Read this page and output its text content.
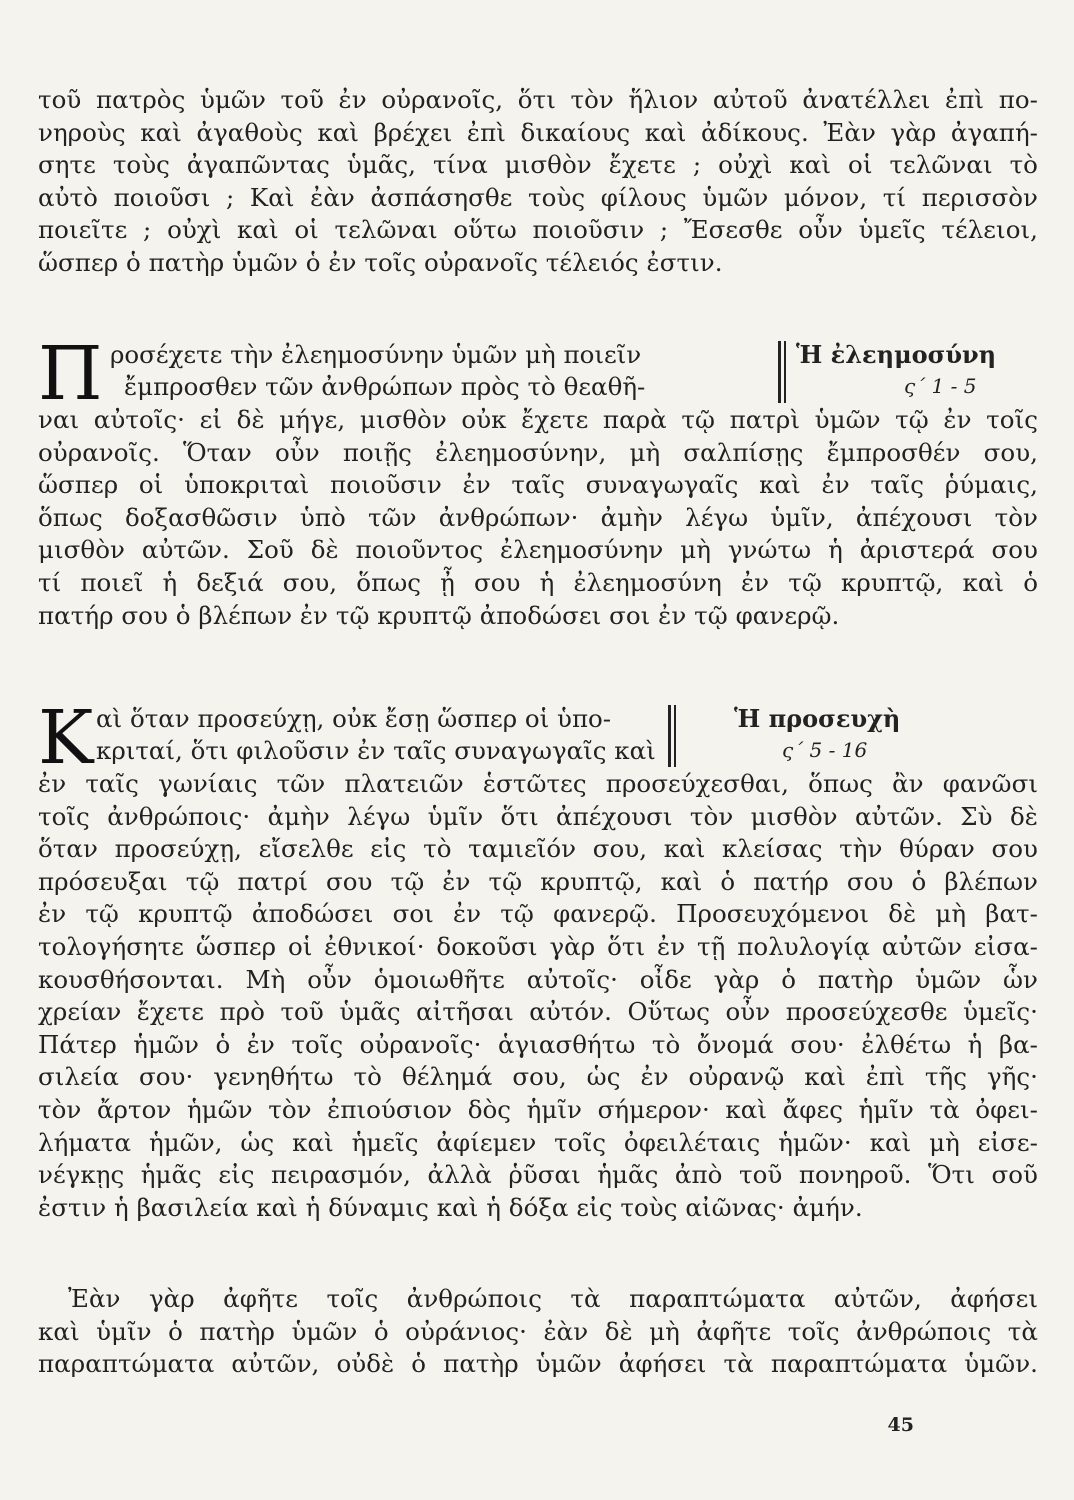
τοῦ πατρὸς ὑμῶν τοῦ ἐν οὐρανοῖς, ὅτι τὸν ἥλιον αὐτοῦ ἀνατέλλει ἐπὶ πο-
νηροὺς καὶ ἀγαθοὺς καὶ βρέχει ἐπὶ δικαίους καὶ ἀδίκους. Ἐὰν γὰρ ἀγαπή-
σητε τοὺς ἀγαπῶντας ὑμᾶς, τίνα μισθὸν ἔχετε ; οὐχὶ καὶ οἱ τελῶναι τὸ
αὐτὸ ποιοῦσι ; Καὶ ἐὰν ἀσπάσησθε τοὺς φίλους ὑμῶν μόνον, τί περισσὸν
ποιεῖτε ; οὐχὶ καὶ οἱ τελῶναι οὕτω ποιοῦσιν ; Ἔσεσθε οὖν ὑμεῖς τέλειοι,
ὥσπερ ὁ πατὴρ ὑμῶν ὁ ἐν τοῖς οὐρανοῖς τέλειός ἐστιν.
Π ροσέχετε τὴν ἐλεημοσύνην ὑμῶν μὴ ποιεῖν
ἔμπροσθεν τῶν ἀνθρώπων πρὸς τὸ θεαθῆ-
Ἡ ἐλεημοσύνη
ς΄ 1 - 5
ναι αὐτοῖς· εἰ δὲ μήγε, μισθὸν οὐκ ἔχετε παρὰ τῷ πατρὶ ὑμῶν τῷ ἐν τοῖς
οὐρανοῖς. Ὅταν οὖν ποιῇς ἐλεημοσύνην, μὴ σαλπίσῃς ἔμπροσθέν σου,
ὥσπερ οἱ ὑποκριταὶ ποιοῦσιν ἐν ταῖς συναγωγαῖς καὶ ἐν ταῖς ῥύμαις,
ὅπως δοξασθῶσιν ὑπὸ τῶν ἀνθρώπων· ἀμὴν λέγω ὑμῖν, ἀπέχουσι τὸν
μισθὸν αὐτῶν. Σοῦ δὲ ποιοῦντος ἐλεημοσύνην μὴ γνώτω ἡ ἀριστερά σου
τί ποιεῖ ἡ δεξιά σου, ὅπως ᾖ σου ἡ ἐλεημοσύνη ἐν τῷ κρυπτῷ, καὶ ὁ
πατήρ σου ὁ βλέπων ἐν τῷ κρυπτῷ ἀποδώσει σοι ἐν τῷ φανερῷ.
Κ αὶ ὅταν προσεύχῃ, οὐκ ἔσῃ ὥσπερ οἱ ὑπο-
κριταί, ὅτι φιλοῦσιν ἐν ταῖς συναγωγαῖς καὶ
Ἡ προσευχὴ
ς΄ 5 - 16
ἐν ταῖς γωνίαις τῶν πλατειῶν ἑστῶτες προσεύχεσθαι, ὅπως ἂν φανῶσι
τοῖς ἀνθρώποις· ἀμὴν λέγω ὑμῖν ὅτι ἀπέχουσι τὸν μισθὸν αὐτῶν. Σὺ δὲ
ὅταν προσεύχῃ, εἴσελθε εἰς τὸ ταμιεῖόν σου, καὶ κλείσας τὴν θύραν σου
πρόσευξαι τῷ πατρί σου τῷ ἐν τῷ κρυπτῷ, καὶ ὁ πατήρ σου ὁ βλέπων
ἐν τῷ κρυπτῷ ἀποδώσει σοι ἐν τῷ φανερῷ. Προσευχόμενοι δὲ μὴ βατ-
τολογήσητε ὥσπερ οἱ ἐθνικοί· δοκοῦσι γὰρ ὅτι ἐν τῇ πολυλογίᾳ αὐτῶν εἰσα-
κουσθήσονται. Μὴ οὖν ὁμοιωθῆτε αὐτοῖς· οἶδε γὰρ ὁ πατὴρ ὑμῶν ὧν
χρείαν ἔχετε πρὸ τοῦ ὑμᾶς αἰτῆσαι αὐτόν. Οὕτως οὖν προσεύχεσθε ὑμεῖς·
Πάτερ ἡμῶν ὁ ἐν τοῖς οὐρανοῖς· ἁγιασθήτω τὸ ὄνομά σου· ἐλθέτω ἡ βα-
σιλεία σου· γενηθήτω τὸ θέλημά σου, ὡς ἐν οὐρανῷ καὶ ἐπὶ τῆς γῆς·
τὸν ἄρτον ἡμῶν τὸν ἐπιούσιον δὸς ἡμῖν σήμερον· καὶ ἄφες ἡμῖν τὰ ὀφει-
λήματα ἡμῶν, ὡς καὶ ἡμεῖς ἀφίεμεν τοῖς ὀφειλέταις ἡμῶν· καὶ μὴ εἰσε-
νέγκῃς ἡμᾶς εἰς πειρασμόν, ἀλλὰ ῥῦσαι ἡμᾶς ἀπὸ τοῦ πονηροῦ. Ὅτι σοῦ
ἐστιν ἡ βασιλεία καὶ ἡ δύναμις καὶ ἡ δόξα εἰς τοὺς αἰῶνας· ἀμήν.
Ἐὰν γὰρ ἀφῆτε τοῖς ἀνθρώποις τὰ παραπτώματα αὐτῶν, ἀφήσει
καὶ ὑμῖν ὁ πατὴρ ὑμῶν ὁ οὐράνιος· ἐὰν δὲ μὴ ἀφῆτε τοῖς ἀνθρώποις τὰ
παραπτώματα αὐτῶν, οὐδὲ ὁ πατὴρ ὑμῶν ἀφήσει τὰ παραπτώματα ὑμῶν.
45
